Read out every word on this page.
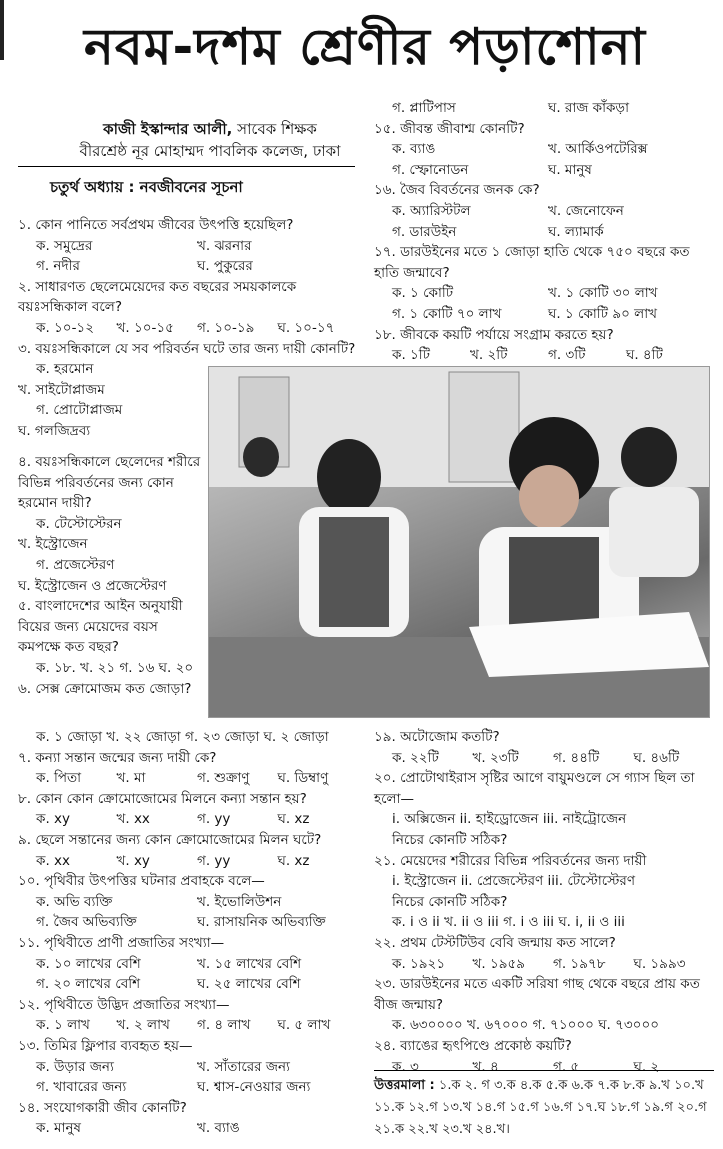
নবম-দশম শ্রেণীর পড়াশোনা
কাজী ইস্কান্দার আলী, সাবেক শিক্ষক
বীরশ্রেষ্ঠ নূর মোহাম্মদ পাবলিক কলেজ, ঢাকা
চতুর্থ অধ্যায় : নবজীবনের সূচনা

১. কোন পানিতে সর্বপ্রথম জীবের উৎপত্তি হয়েছিল?

ক. সমুদ্রের	খ. ঝরনার
গ. নদীর	ঘ. পুকুরের

২. সাধারণত ছেলেমেয়েদের কত বছরের সময়কালকে বয়ঃসন্ধিকাল বলে?

ক. ১০-১২	খ. ১০-১৫	গ. ১০-১৯	ঘ. ১০-১৭

৩. বয়ঃসন্ধিকালে যে সব পরিবর্তন ঘটে তার জন্য দায়ী কোনটি?

ক. হরমোন
খ. সাইটোপ্লাজম
গ. প্রোটোপ্লাজম
ঘ. গলজিদ্রব্য

৪. বয়ঃসন্ধিকালে ছেলেদের শরীরে বিভিন্ন পরিবর্তনের জন্য কোন হরমোন দায়ী?

ক. টেস্টোস্টেরন
খ. ইস্ট্রোজেন
গ. প্রজেস্টেরণ
ঘ. ইস্ট্রোজেন ও প্রজেস্টেরণ

৫. বাংলাদেশের আইন অনুযায়ী বিয়ের জন্য মেয়েদের বয়স কমপক্ষে কত বছর?

ক. ১৮. খ. ২১ গ. ১৬ ঘ. ২০

৬. সেক্স ক্রোমোজম কত জোড়া?

ক. ১ জোড়া খ. ২২ জোড়া গ. ২৩ জোড়া ঘ. ২ জোড়া

৭. কন্যা সন্তান জন্মের জন্য দায়ী কে?

ক. পিতা	খ. মা	গ. শুক্রাণু	ঘ. ডিম্বাণু

৮. কোন কোন ক্রোমোজোমের মিলনে কন্যা সন্তান হয়?

ক. xy	খ. xx	গ. yy	ঘ. xz

৯. ছেলে সন্তানের জন্য কোন ক্রোমোজোমের মিলন ঘটে?

ক. xx	খ. xy	গ. yy	ঘ. xz

১০. পৃথিবীর উৎপত্তির ঘটনার প্রবাহকে বলে—

ক. অভি ব্যক্তি	খ. ইভোলিউশন
গ. জৈব অভিব্যক্তি	ঘ. রাসায়নিক অভিব্যক্তি

১১. পৃথিবীতে প্রাণী প্রজাতির সংখ্যা—

ক. ১০ লাখের বেশি	খ. ১৫ লাখের বেশি
গ. ২০ লাখের বেশি	ঘ. ২৫ লাখের বেশি

১২. পৃথিবীতে উদ্ভিদ প্রজাতির সংখ্যা—

ক. ১ লাখ	খ. ২ লাখ	গ. ৪ লাখ	ঘ. ৫ লাখ

১৩. তিমির ফ্লিপার ব্যবহৃত হয়—

ক. উড়ার জন্য	খ. সাঁতারের জন্য
গ. খাবারের জন্য	ঘ. শ্বাস-নেওয়ার জন্য

১৪. সংযোগকারী জীব কোনটি?

ক. মানুষ	খ. ব্যাঙ
গ. প্লাটিপাস	ঘ. রাজ কাঁকড়া

১৫. জীবন্ত জীবাশ্ম কোনটি?

ক. ব্যাঙ	খ. আর্কিওপটেরিক্স
গ. স্ফোনোডন	ঘ. মানুষ

১৬. জৈব বিবর্তনের জনক কে?

ক. অ্যারিস্টটল	খ. জেনোফেন
গ. ডারউইন	ঘ. ল্যামার্ক

১৭. ডারউইনের মতে ১ জোড়া হাতি থেকে ৭৫০ বছরে কত হাতি জন্মাবে?

ক. ১ কোটি	খ. ১ কোটি ৩০ লাখ
গ. ১ কোটি ৭০ লাখ	ঘ. ১ কোটি ৯০ লাখ

১৮. জীবকে কয়টি পর্যায়ে সংগ্রাম করতে হয়?

ক. ১টি	খ. ২টি	গ. ৩টি	ঘ. ৪টি

১৯. অটোজোম কতটি?

ক. ২২টি	খ. ২৩টি	গ. ৪৪টি	ঘ. ৪৬টি

২০. প্রোটোথাইরাস সৃষ্টির আগে বায়ুমণ্ডলে সে গ্যাস ছিল তা হলো—

i. অক্সিজেন ii. হাইড্রোজেন iii. নাইট্রোজেন
নিচের কোনটি সঠিক?

২১. মেয়েদের শরীরের বিভিন্ন পরিবর্তনের জন্য দায়ী

i. ইস্ট্রোজেন ii. প্রেজেস্টেরণ iii. টেস্টোস্টেরণ
নিচের কোনটি সঠিক?
ক. i ও ii খ. ii ও iii গ. i ও iii ঘ. i, ii ও iii

২২. প্রথম টেস্টটিউব বেবি জন্মায় কত সালে?

ক. ১৯২১	খ. ১৯৫৯	গ. ১৯৭৮	ঘ. ১৯৯৩

২৩. ডারউইনের মতে একটি সরিষা গাছ থেকে বছরে প্রায় কত বীজ জন্মায়?

ক. ৬৩০০০০ খ. ৬৭০০০ গ. ৭১০০০ ঘ. ৭৩০০০

২৪. ব্যাঙের হৃৎপিণ্ডে প্রকোষ্ঠ কয়টি?

ক. ৩	খ. ৪	গ. ৫	ঘ. ২
উত্তরমালা : ১.ক ২. গ ৩.ক ৪.ক ৫.ক ৬.ক ৭.ক ৮.ক ৯.খ ১০.খ ১১.ক ১২.গ ১৩.খ ১৪.গ ১৫.গ ১৬.গ ১৭.ঘ ১৮.গ ১৯.গ ২০.গ ২১.ক ২২.খ ২৩.খ ২৪.খ।
